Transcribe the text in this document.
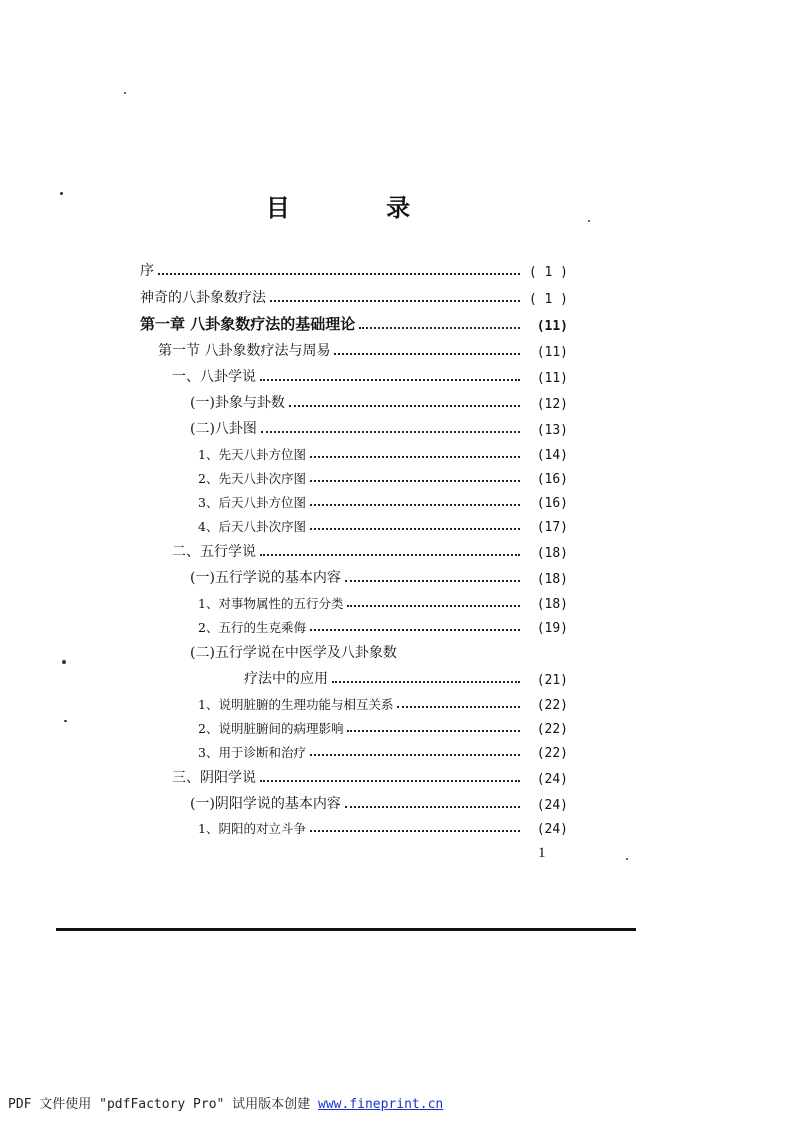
目 录
序	( 1 )
神奇的八卦象数疗法	( 1 )
第一章 八卦象数疗法的基础理论	(11)
第一节 八卦象数疗法与周易	(11)
一、八卦学说	(11)
(一)卦象与卦数	(12)
(二)八卦图	(13)
1、先天八卦方位图	(14)
2、先天八卦次序图	(16)
3、后天八卦方位图	(16)
4、后天八卦次序图	(17)
二、五行学说	(18)
(一)五行学说的基本内容	(18)
1、对事物属性的五行分类	(18)
2、五行的生克乘侮	(19)
(二)五行学说在中医学及八卦象数
疗法中的应用	(21)
1、说明脏腑的生理功能与相互关系	(22)
2、说明脏腑间的病理影响	(22)
3、用于诊断和治疗	(22)
三、阴阳学说	(24)
(一)阴阳学说的基本内容	(24)
1、阴阳的对立斗争	(24)
1
PDF 文件使用 "pdfFactory Pro" 试用版本创建 www.fineprint.cn
